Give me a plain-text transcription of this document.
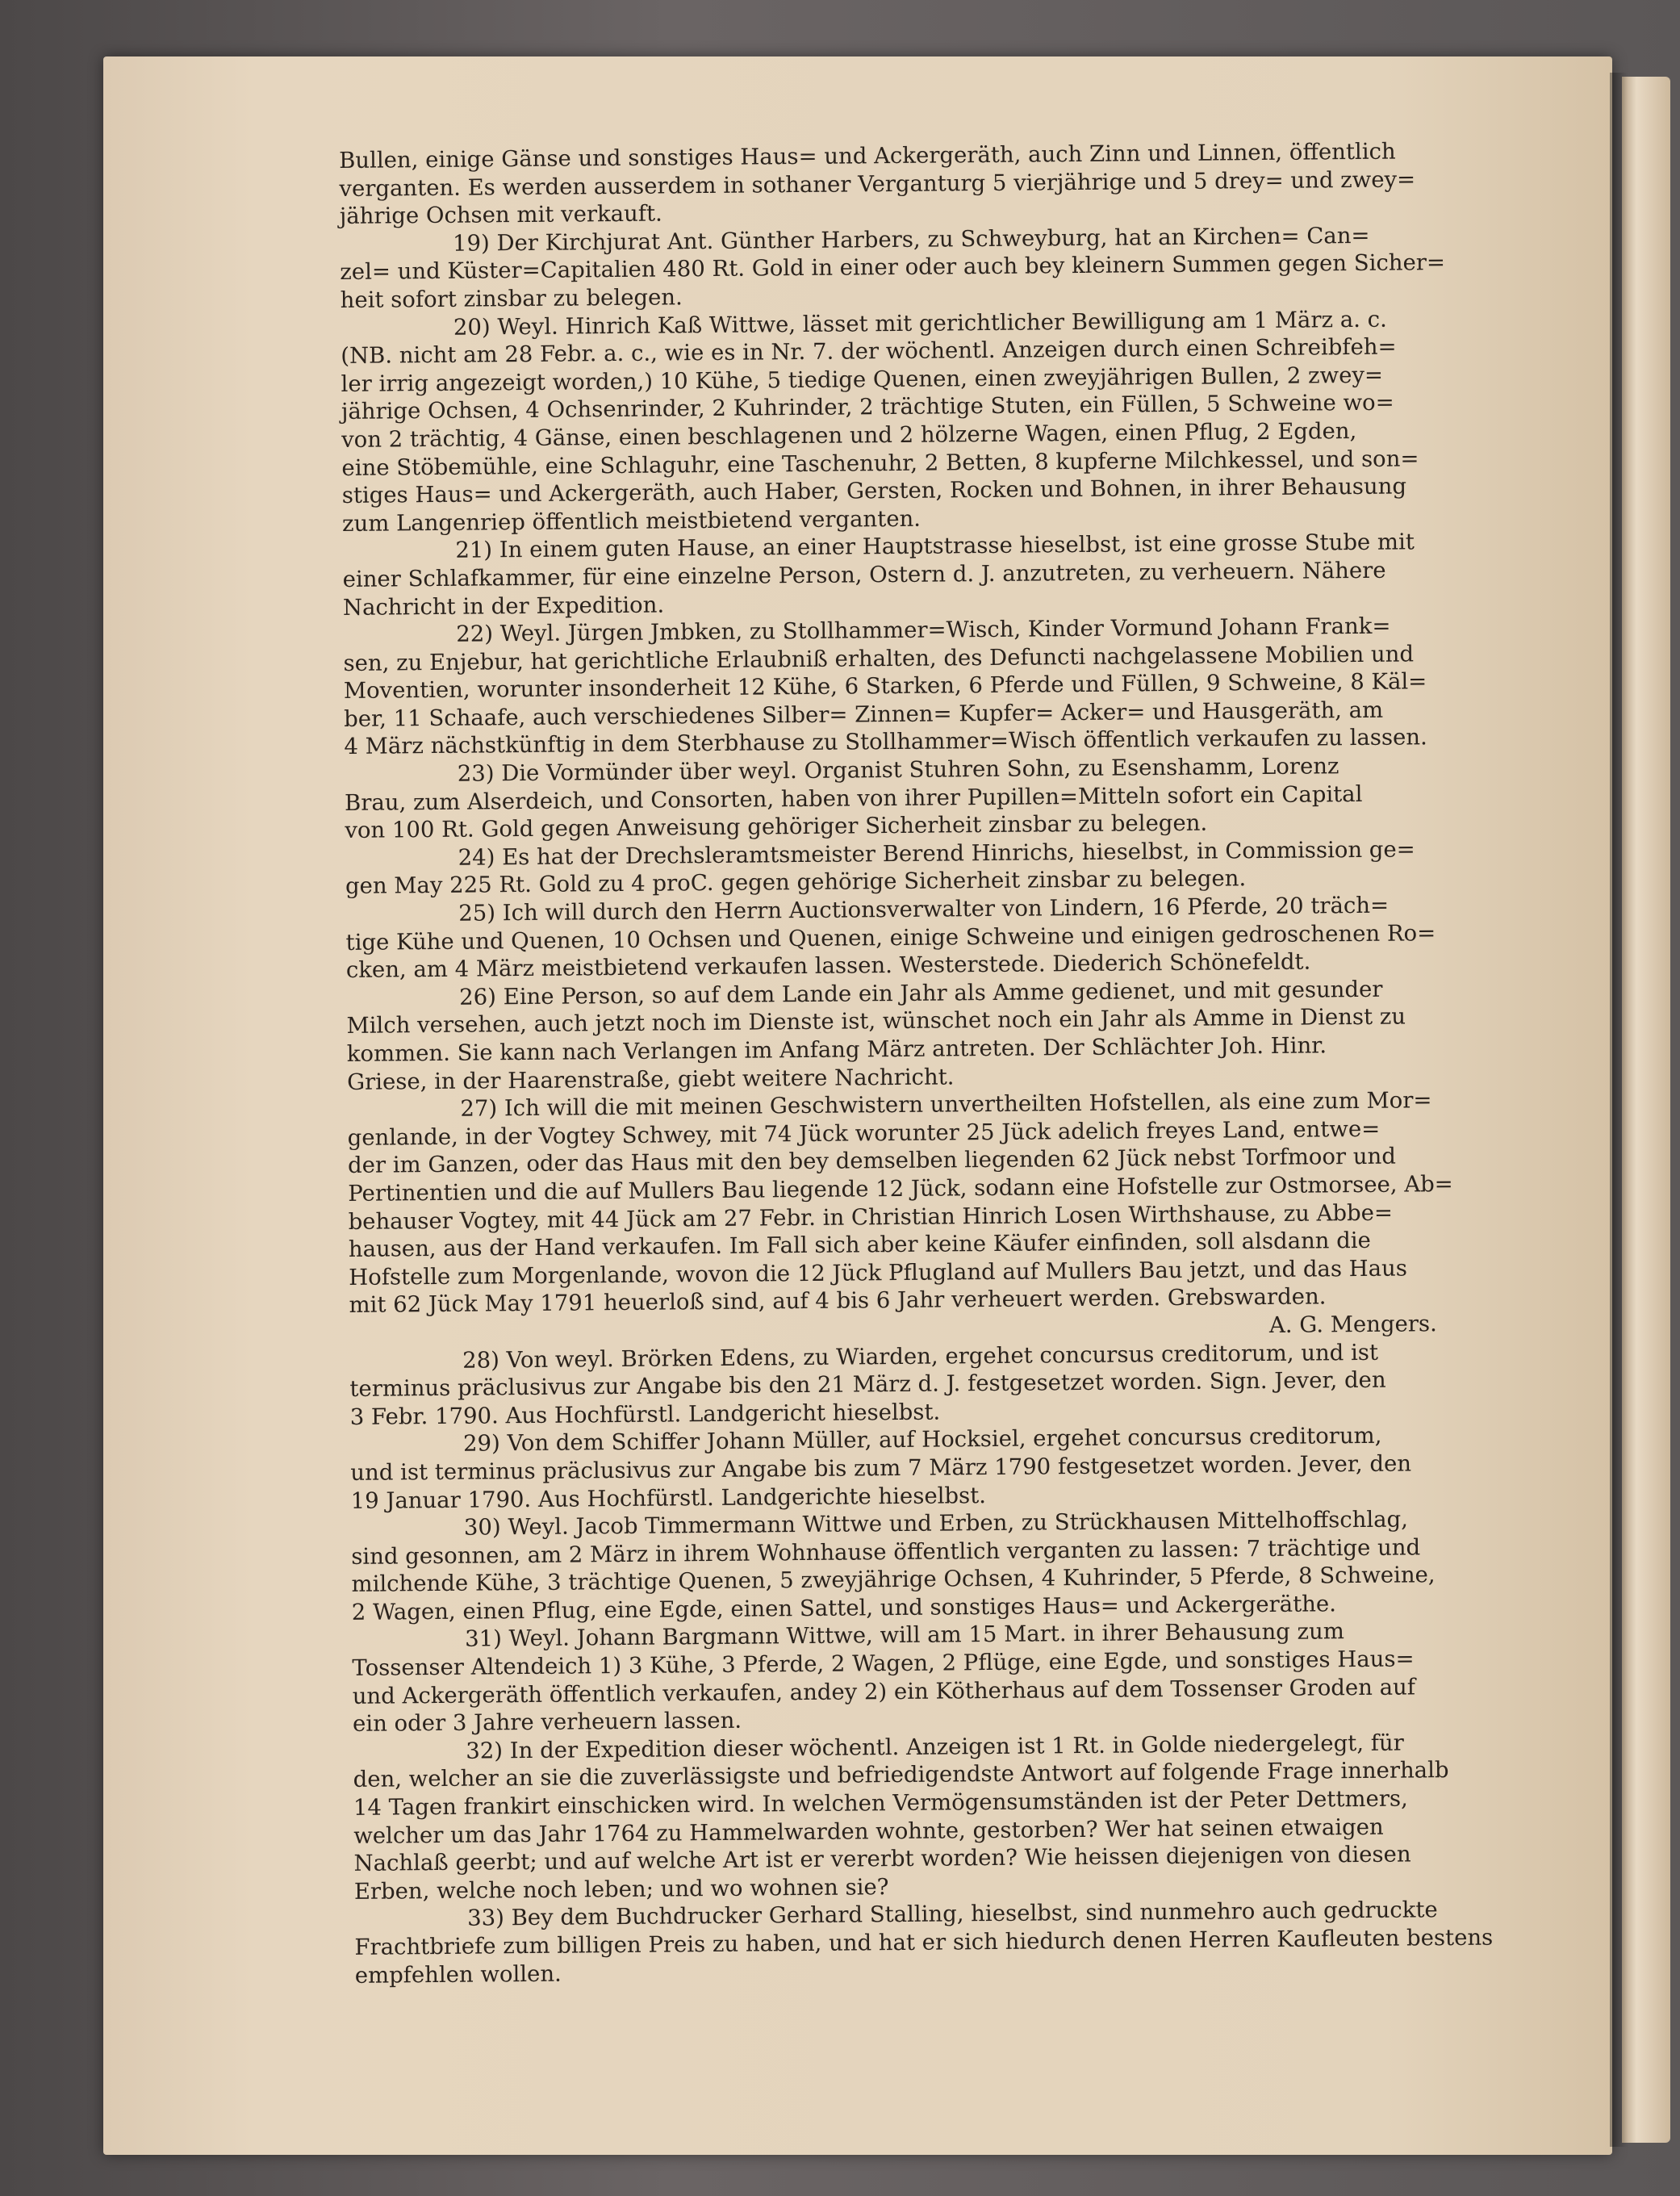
Bullen, einige Gänse und sonstiges Haus= und Ackergeräth, auch Zinn und Linnen, öffentlich
verganten. Es werden ausserdem in sothaner Verganturg 5 vierjährige und 5 drey= und zwey=
jährige Ochsen mit verkauft.
19) Der Kirchjurat Ant. Günther Harbers, zu Schweyburg, hat an Kirchen= Can=
zel= und Küster=Capitalien 480 Rt. Gold in einer oder auch bey kleinern Summen gegen Sicher=
heit sofort zinsbar zu belegen.
20) Weyl. Hinrich Kaß Wittwe, lässet mit gerichtlicher Bewilligung am 1 März a. c.
(NB. nicht am 28 Febr. a. c., wie es in Nr. 7. der wöchentl. Anzeigen durch einen Schreibfeh=
ler irrig angezeigt worden,) 10 Kühe, 5 tiedige Quenen, einen zweyjährigen Bullen, 2 zwey=
jährige Ochsen, 4 Ochsenrinder, 2 Kuhrinder, 2 trächtige Stuten, ein Füllen, 5 Schweine wo=
von 2 trächtig, 4 Gänse, einen beschlagenen und 2 hölzerne Wagen, einen Pflug, 2 Egden,
eine Stöbemühle, eine Schlaguhr, eine Taschenuhr, 2 Betten, 8 kupferne Milchkessel, und son=
stiges Haus= und Ackergeräth, auch Haber, Gersten, Rocken und Bohnen, in ihrer Behausung
zum Langenriep öffentlich meistbietend verganten.
21) In einem guten Hause, an einer Hauptstrasse hieselbst, ist eine grosse Stube mit
einer Schlafkammer, für eine einzelne Person, Ostern d. J. anzutreten, zu verheuern. Nähere
Nachricht in der Expedition.
22) Weyl. Jürgen Jmbken, zu Stollhammer=Wisch, Kinder Vormund Johann Frank=
sen, zu Enjebur, hat gerichtliche Erlaubniß erhalten, des Defuncti nachgelassene Mobilien und
Moventien, worunter insonderheit 12 Kühe, 6 Starken, 6 Pferde und Füllen, 9 Schweine, 8 Käl=
ber, 11 Schaafe, auch verschiedenes Silber= Zinnen= Kupfer= Acker= und Hausgeräth, am
4 März nächstkünftig in dem Sterbhause zu Stollhammer=Wisch öffentlich verkaufen zu lassen.
23) Die Vormünder über weyl. Organist Stuhren Sohn, zu Esenshamm, Lorenz
Brau, zum Alserdeich, und Consorten, haben von ihrer Pupillen=Mitteln sofort ein Capital
von 100 Rt. Gold gegen Anweisung gehöriger Sicherheit zinsbar zu belegen.
24) Es hat der Drechsleramtsmeister Berend Hinrichs, hieselbst, in Commission ge=
gen May 225 Rt. Gold zu 4 proC. gegen gehörige Sicherheit zinsbar zu belegen.
25) Ich will durch den Herrn Auctionsverwalter von Lindern, 16 Pferde, 20 träch=
tige Kühe und Quenen, 10 Ochsen und Quenen, einige Schweine und einigen gedroschenen Ro=
cken, am 4 März meistbietend verkaufen lassen. Westerstede. Diederich Schönefeldt.
26) Eine Person, so auf dem Lande ein Jahr als Amme gedienet, und mit gesunder
Milch versehen, auch jetzt noch im Dienste ist, wünschet noch ein Jahr als Amme in Dienst zu
kommen. Sie kann nach Verlangen im Anfang März antreten. Der Schlächter Joh. Hinr.
Griese, in der Haarenstraße, giebt weitere Nachricht.
27) Ich will die mit meinen Geschwistern unvertheilten Hofstellen, als eine zum Mor=
genlande, in der Vogtey Schwey, mit 74 Jück worunter 25 Jück adelich freyes Land, entwe=
der im Ganzen, oder das Haus mit den bey demselben liegenden 62 Jück nebst Torfmoor und
Pertinentien und die auf Mullers Bau liegende 12 Jück, sodann eine Hofstelle zur Ostmorsee, Ab=
behauser Vogtey, mit 44 Jück am 27 Febr. in Christian Hinrich Losen Wirthshause, zu Abbe=
hausen, aus der Hand verkaufen. Im Fall sich aber keine Käufer einfinden, soll alsdann die
Hofstelle zum Morgenlande, wovon die 12 Jück Pflugland auf Mullers Bau jetzt, und das Haus
mit 62 Jück May 1791 heuerloß sind, auf 4 bis 6 Jahr verheuert werden. Grebswarden.
A. G. Mengers.
28) Von weyl. Brörken Edens, zu Wiarden, ergehet concursus creditorum, und ist
terminus präclusivus zur Angabe bis den 21 März d. J. festgesetzet worden. Sign. Jever, den
3 Febr. 1790. Aus Hochfürstl. Landgericht hieselbst.
29) Von dem Schiffer Johann Müller, auf Hocksiel, ergehet concursus creditorum,
und ist terminus präclusivus zur Angabe bis zum 7 März 1790 festgesetzet worden. Jever, den
19 Januar 1790. Aus Hochfürstl. Landgerichte hieselbst.
30) Weyl. Jacob Timmermann Wittwe und Erben, zu Strückhausen Mittelhoffschlag,
sind gesonnen, am 2 März in ihrem Wohnhause öffentlich verganten zu lassen: 7 trächtige und
milchende Kühe, 3 trächtige Quenen, 5 zweyjährige Ochsen, 4 Kuhrinder, 5 Pferde, 8 Schweine,
2 Wagen, einen Pflug, eine Egde, einen Sattel, und sonstiges Haus= und Ackergeräthe.
31) Weyl. Johann Bargmann Wittwe, will am 15 Mart. in ihrer Behausung zum
Tossenser Altendeich 1) 3 Kühe, 3 Pferde, 2 Wagen, 2 Pflüge, eine Egde, und sonstiges Haus=
und Ackergeräth öffentlich verkaufen, andey 2) ein Kötherhaus auf dem Tossenser Groden auf
ein oder 3 Jahre verheuern lassen.
32) In der Expedition dieser wöchentl. Anzeigen ist 1 Rt. in Golde niedergelegt, für
den, welcher an sie die zuverlässigste und befriedigendste Antwort auf folgende Frage innerhalb
14 Tagen frankirt einschicken wird. In welchen Vermögensumständen ist der Peter Dettmers,
welcher um das Jahr 1764 zu Hammelwarden wohnte, gestorben? Wer hat seinen etwaigen
Nachlaß geerbt; und auf welche Art ist er vererbt worden? Wie heissen diejenigen von diesen
Erben, welche noch leben; und wo wohnen sie?
33) Bey dem Buchdrucker Gerhard Stalling, hieselbst, sind nunmehro auch gedruckte
Frachtbriefe zum billigen Preis zu haben, und hat er sich hiedurch denen Herren Kaufleuten bestens
empfehlen wollen.
